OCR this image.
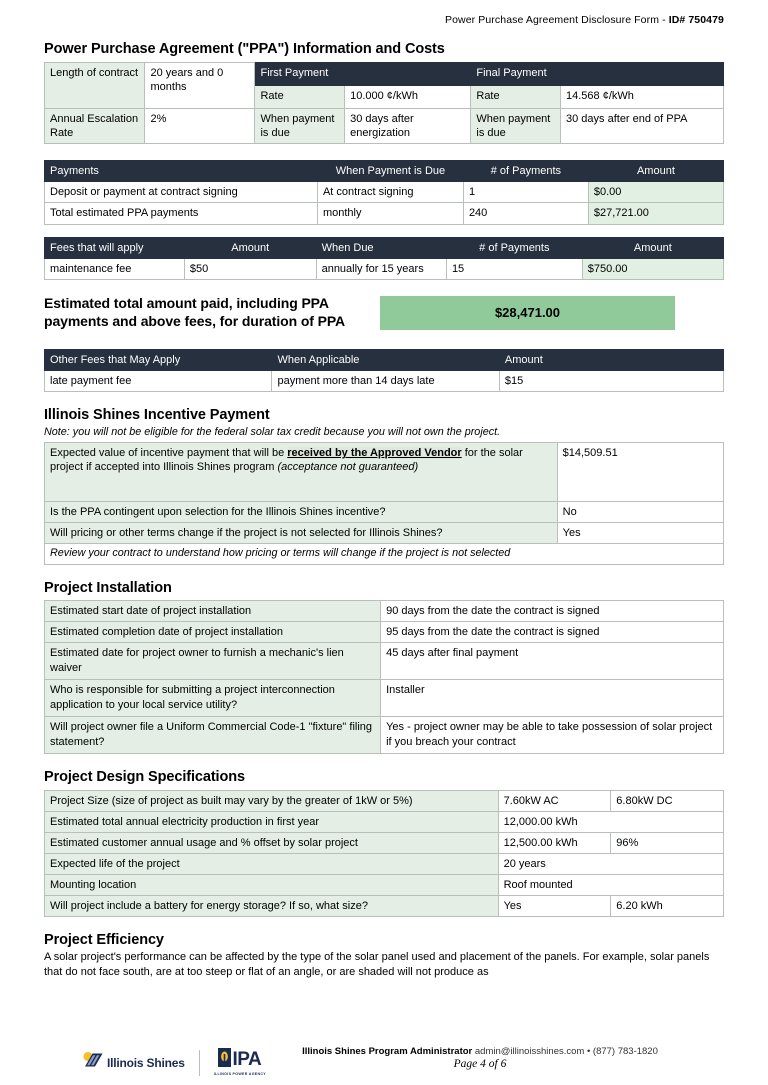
Power Purchase Agreement Disclosure Form - ID# 750479
Power Purchase Agreement ("PPA") Information and Costs
Length of contract	20 years and 0 months	First Payment		Final Payment	
		Rate	10.000 ¢/kWh	Rate	14.568 ¢/kWh
Annual Escalation Rate	2%	When payment is due	30 days after energization	When payment is due	30 days after end of PPA
Payments	When Payment is Due	# of Payments	Amount
Deposit or payment at contract signing	At contract signing	1	$0.00
Total estimated PPA payments	monthly	240	$27,721.00
Fees that will apply	Amount	When Due	# of Payments	Amount
maintenance fee	$50	annually for 15 years	15	$750.00
Estimated total amount paid, including PPA payments and above fees, for duration of PPA
$28,471.00
Other Fees that May Apply	When Applicable	Amount
late payment fee	payment more than 14 days late	$15
Illinois Shines Incentive Payment
Note: you will not be eligible for the federal solar tax credit because you will not own the project.
Expected value of incentive payment that will be received by the Approved Vendor for the solar project if accepted into Illinois Shines program (acceptance not guaranteed)	$14,509.51
Is the PPA contingent upon selection for the Illinois Shines incentive?	No
Will pricing or other terms change if the project is not selected for Illinois Shines?	Yes
Review your contract to understand how pricing or terms will change if the project is not selected	
Project Installation
Estimated start date of project installation	90 days from the date the contract is signed
Estimated completion date of project installation	95 days from the date the contract is signed
Estimated date for project owner to furnish a mechanic's lien waiver	45 days after final payment
Who is responsible for submitting a project interconnection application to your local service utility?	Installer
Will project owner file a Uniform Commercial Code-1 "fixture" filing statement?	Yes - project owner may be able to take possession of solar project if you breach your contract
Project Design Specifications
Project Size (size of project as built may vary by the greater of 1kW or 5%)	7.60kW AC	6.80kW DC
Estimated total annual electricity production in first year	12,000.00 kWh	
Estimated customer annual usage and % offset by solar project	12,500.00 kWh	96%
Expected life of the project	20 years	
Mounting location	Roof mounted	
Will project include a battery for energy storage? If so, what size?	Yes	6.20 kWh
Project Efficiency

A solar project's performance can be affected by the type of the solar panel used and placement of the panels. For example, solar panels that do not face south, are at too steep or flat of an angle, or are shaded will not produce as

Illinois Shines	IPA
ILLINOIS POWER AGENCY
Illinois Shines Program Administrator admin@illinoisshines.com • (877) 783-1820
Page 4 of 6
